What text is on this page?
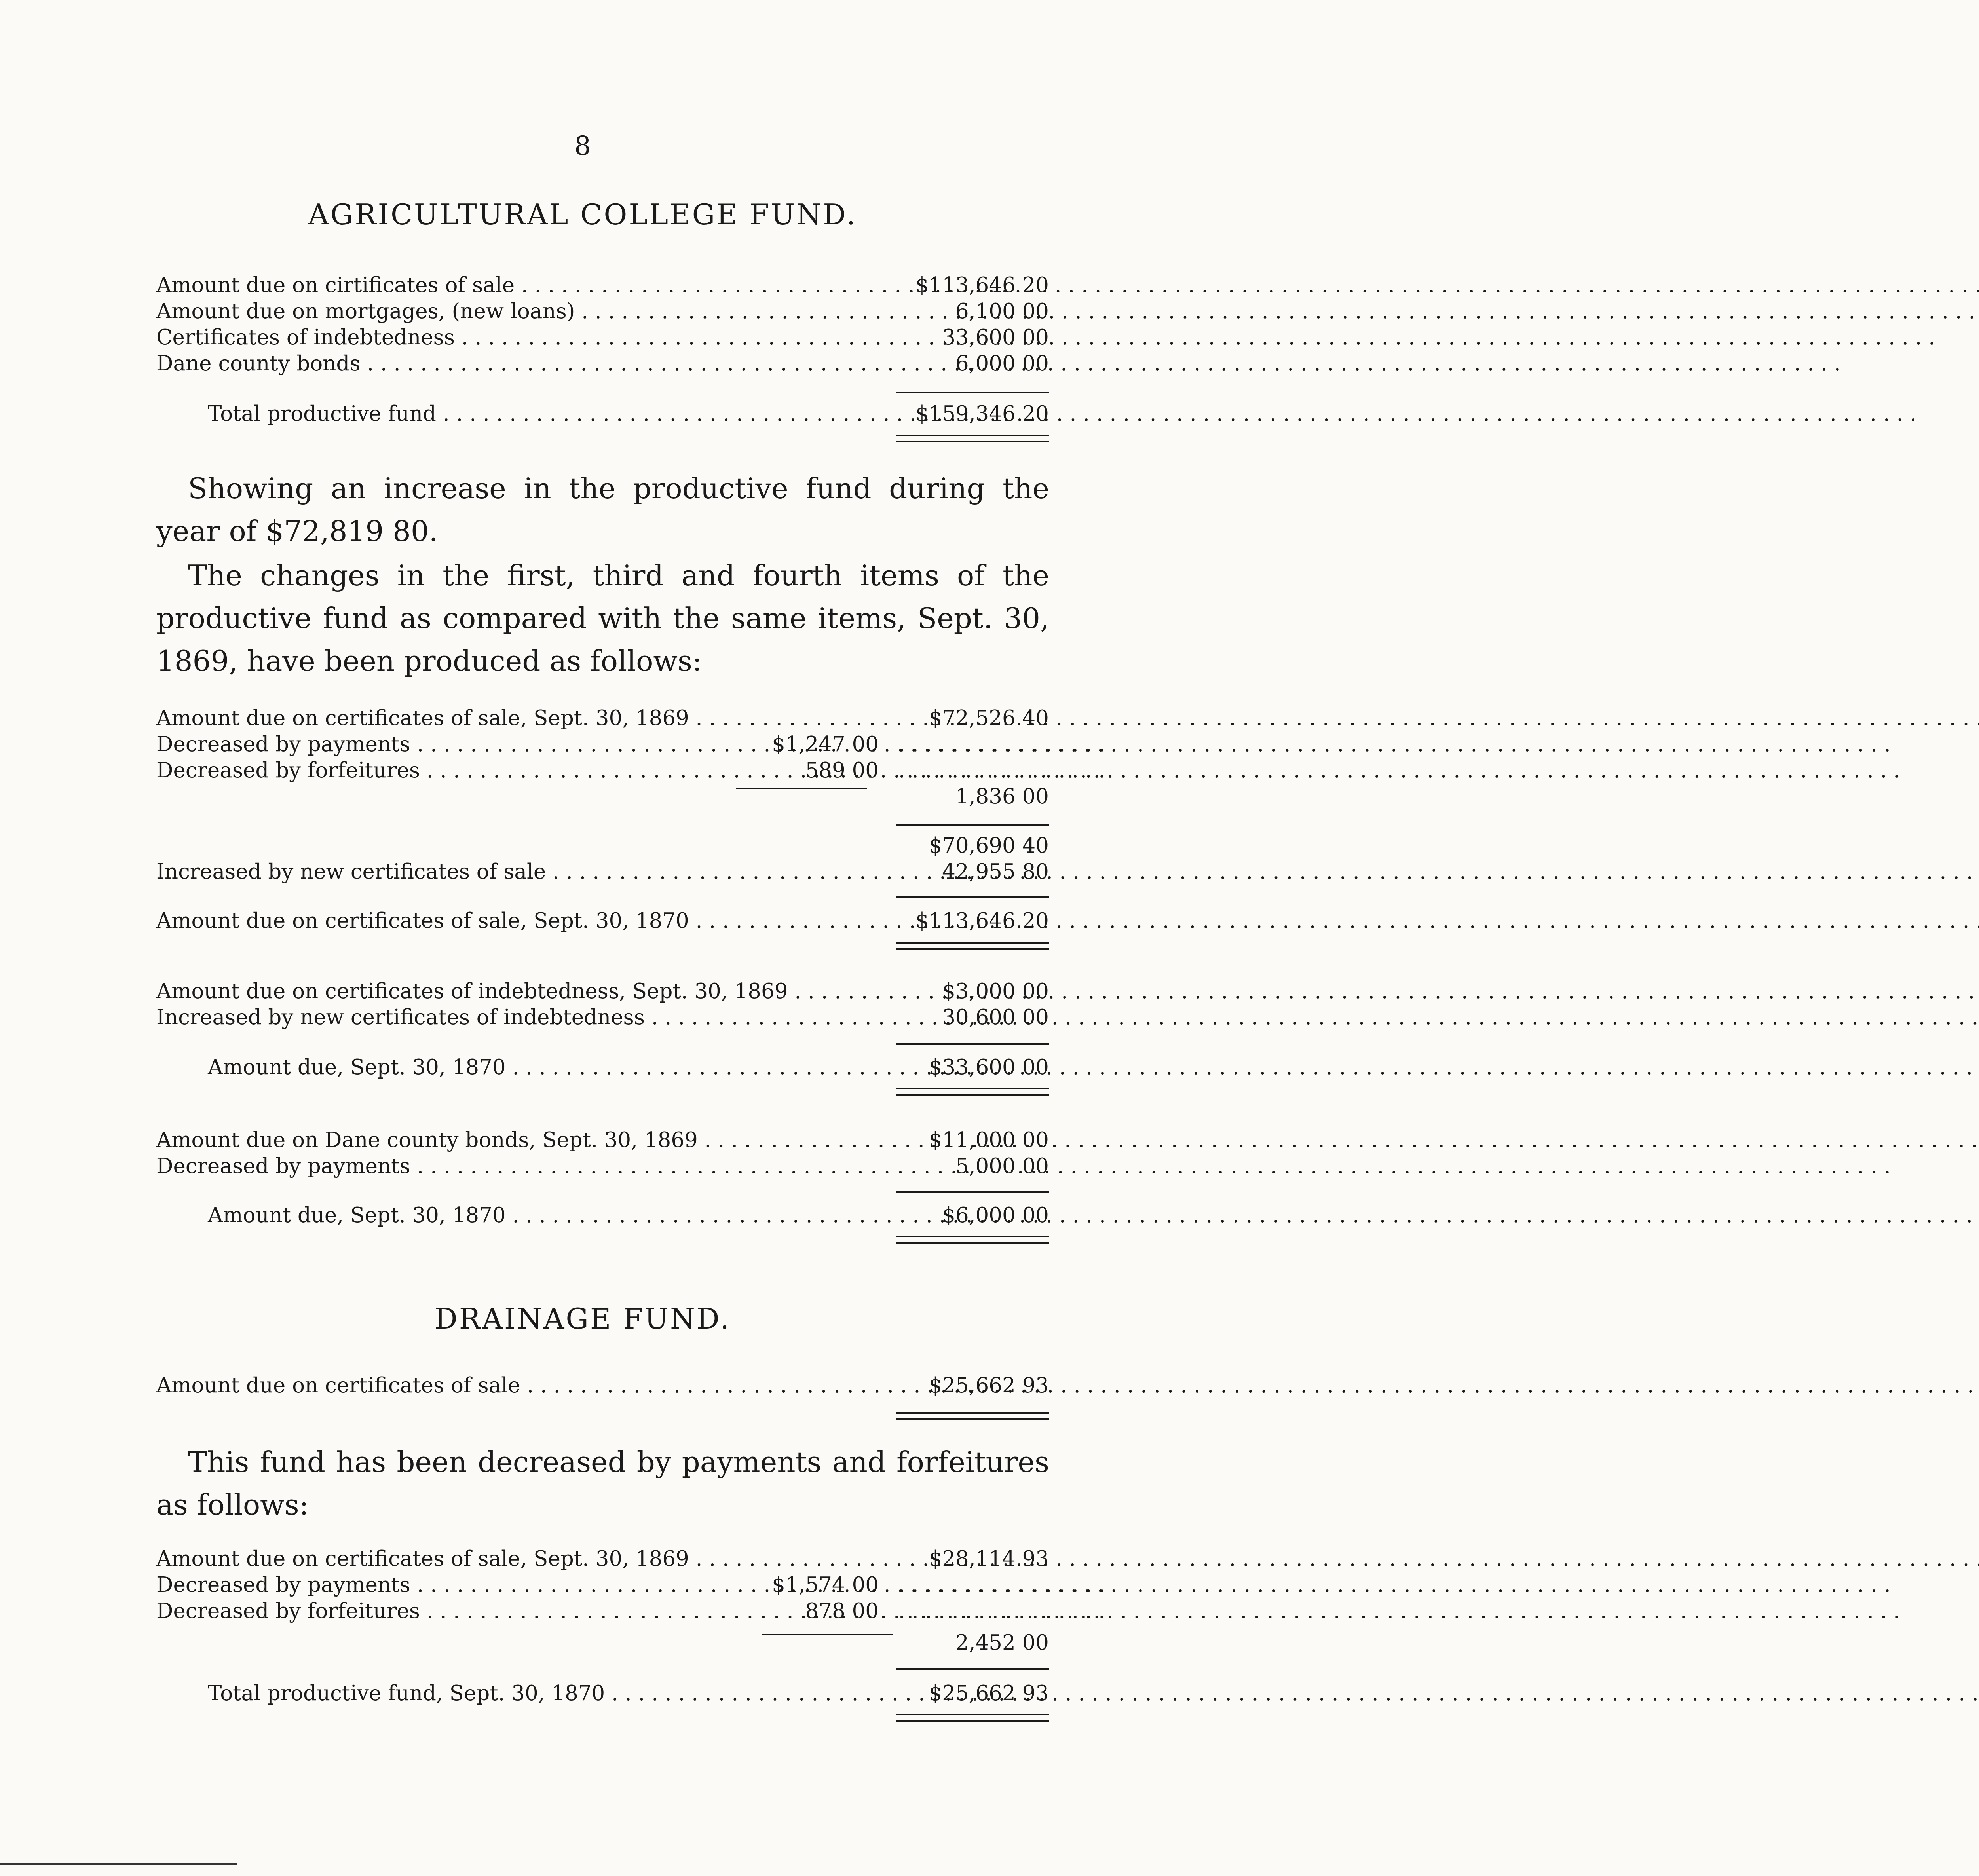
8
AGRICULTURAL COLLEGE FUND.
Amount due on cirtificates of sale . . .	$113,646 20
Amount due on mortgages, (new loans) . . .	6,100 00
Certificates of indebtedness . . .	33,600 00
Dane county bonds . . .	6,000 00
Total productive fund . . .	$159,346 20
Showing an increase in the productive fund during the year of $72,819 80.
The changes in the first, third and fourth items of the productive fund as compared with the same items, Sept. 30, 1869, have been produced as follows:
Amount due on certificates of sale, Sept. 30, 1869 . . .	$72,526 40
Decreased by payments . . .	$1,247 00 . . . . . . . . . . . . . . . .
Decreased by forfeitures . . .	589 00 . . . . . . . . . . . . . . . .
1,836 00
$70,690 40
Increased by new certificates of sale . . .	42,955 80
Amount due on certificates of sale, Sept. 30, 1870 . . .	$113,646 20
Amount due on certificates of indebtedness, Sept. 30, 1869 . . .	$3,000 00
Increased by new certificates of indebtedness . . .	30,600 00
Amount due, Sept. 30, 1870 . . .	$33,600 00
Amount due on Dane county bonds, Sept. 30, 1869 . . .	$11,000 00
Decreased by payments . . .	5,000 00
Amount due, Sept. 30, 1870 . . .	$6,000 00
DRAINAGE FUND.
Amount due on certificates of sale . . .	$25,662 93
This fund has been decreased by payments and forfeitures as follows:
Amount due on certificates of sale, Sept. 30, 1869 . . .	$28,114 93
Decreased by payments . . .	$1,574 00 . . . . . . . . . . . . . . . .
Decreased by forfeitures . . .	878 00 . . . . . . . . . . . . . . . .
2,452 00
Total productive fund, Sept. 30, 1870 . . .	$25,662 93
